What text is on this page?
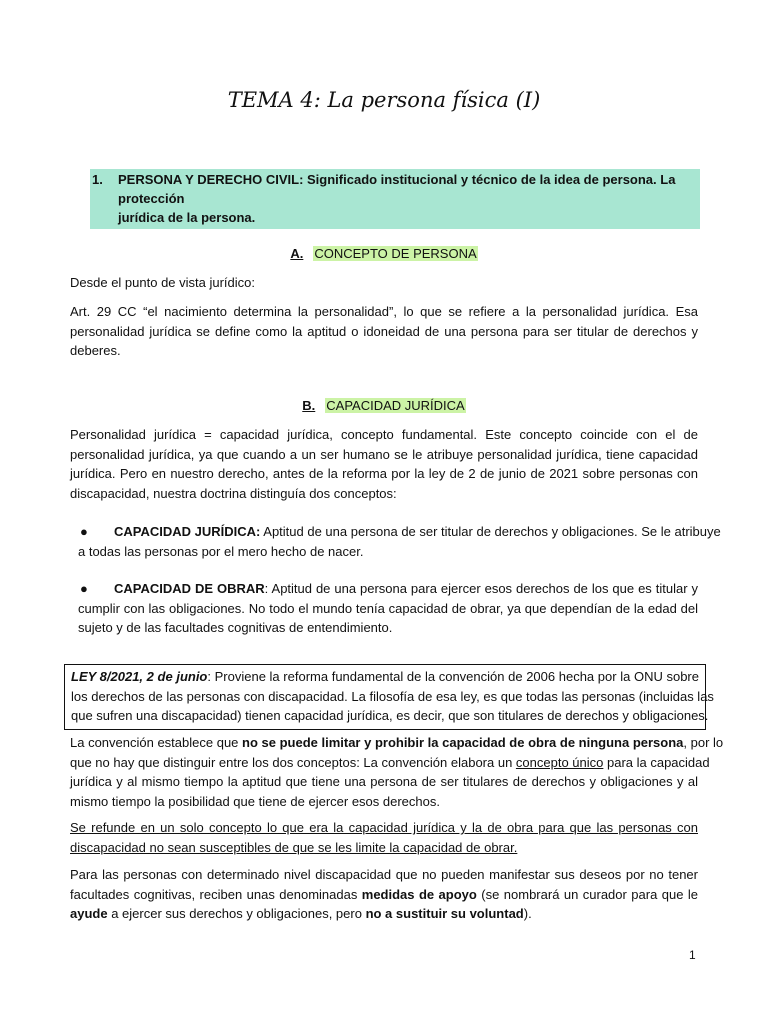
TEMA 4: La persona física (I)
1. PERSONA Y DERECHO CIVIL: Significado institucional y técnico de la idea de persona. La protección
jurídica de la persona.
A. CONCEPTO DE PERSONA
Desde el punto de vista jurídico:
Art. 29 CC “el nacimiento determina la personalidad”, lo que se refiere a la personalidad jurídica. Esa
personalidad jurídica se define como la aptitud o idoneidad de una persona para ser titular de derechos y
deberes.
B. CAPACIDAD JURÍDICA
Personalidad jurídica = capacidad jurídica, concepto fundamental. Este concepto coincide con el de
personalidad jurídica, ya que cuando a un ser humano se le atribuye personalidad jurídica, tiene capacidad
jurídica. Pero en nuestro derecho, antes de la reforma por la ley de 2 de junio de 2021 sobre personas con
discapacidad, nuestra doctrina distinguía dos conceptos:
●	CAPACIDAD JURÍDICA: Aptitud de una persona de ser titular de derechos y obligaciones. Se le atribuye
a todas las personas por el mero hecho de nacer.
●	CAPACIDAD DE OBRAR: Aptitud de una persona para ejercer esos derechos de los que es titular y
cumplir con las obligaciones. No todo el mundo tenía capacidad de obrar, ya que dependían de la edad del
sujeto y de las facultades cognitivas de entendimiento.
LEY 8/2021, 2 de junio: Proviene la reforma fundamental de la convención de 2006 hecha por la ONU sobre
los derechos de las personas con discapacidad. La filosofía de esa ley, es que todas las personas (incluidas las
que sufren una discapacidad) tienen capacidad jurídica, es decir, que son titulares de derechos y obligaciones.
La convención establece que no se puede limitar y prohibir la capacidad de obra de ninguna persona, por lo
que no hay que distinguir entre los dos conceptos: La convención elabora un concepto único para la capacidad
jurídica y al mismo tiempo la aptitud que tiene una persona de ser titulares de derechos y obligaciones y al
mismo tiempo la posibilidad que tiene de ejercer esos derechos.
Se refunde en un solo concepto lo que era la capacidad jurídica y la de obra para que las personas con
discapacidad no sean susceptibles de que se les limite la capacidad de obrar.
Para las personas con determinado nivel discapacidad que no pueden manifestar sus deseos por no tener
facultades cognitivas, reciben unas denominadas medidas de apoyo (se nombrará un curador para que le
ayude a ejercer sus derechos y obligaciones, pero no a sustituir su voluntad).
1
